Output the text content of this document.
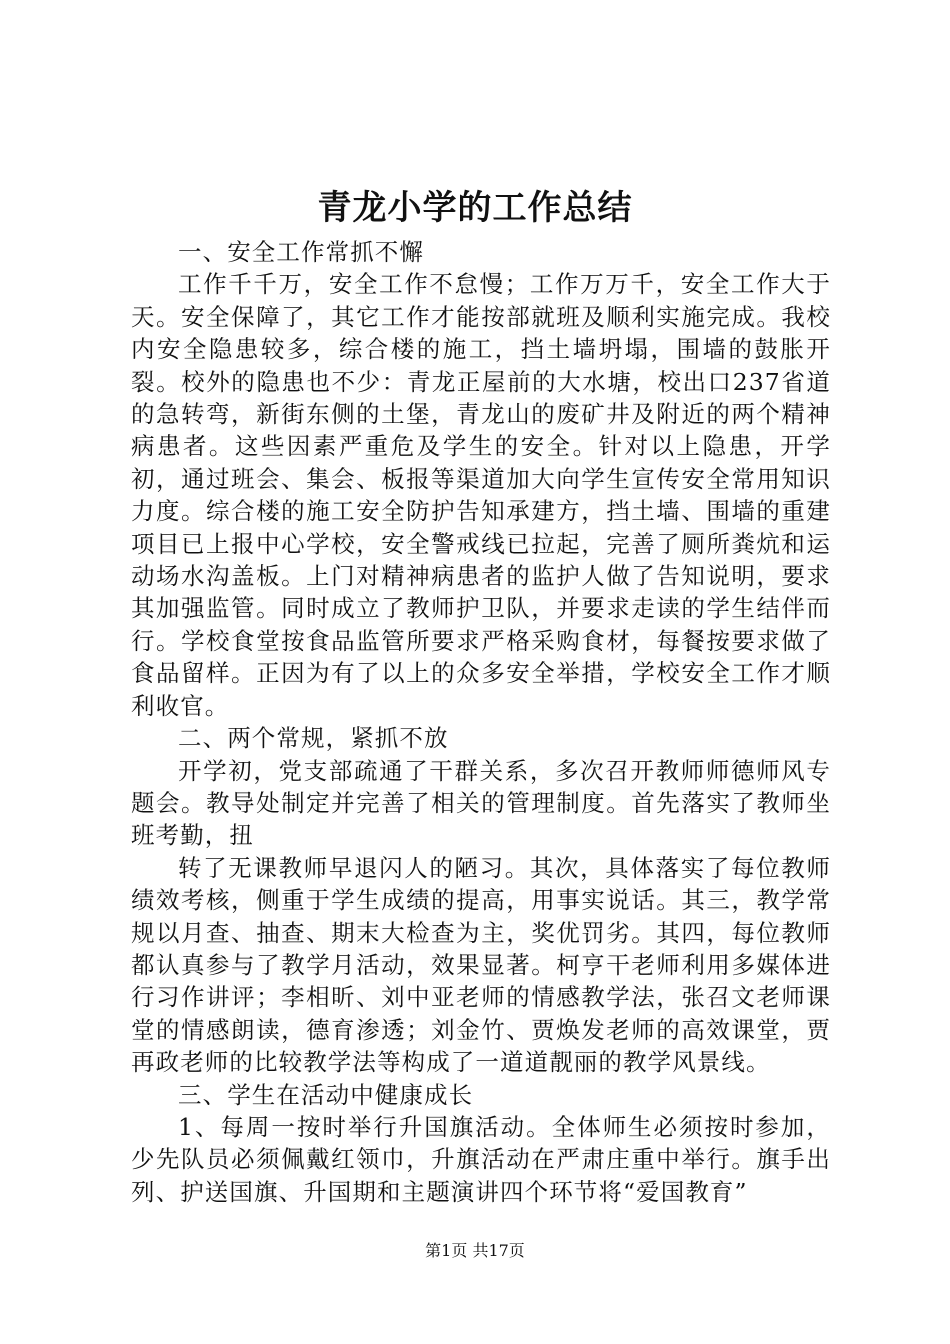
青龙小学的工作总结

一、安全工作常抓不懈

工作千千万，安全工作不怠慢；工作万万千，安全工作大于天。安全保障了，其它工作才能按部就班及顺利实施完成。我校内安全隐患较多，综合楼的施工，挡土墙坍塌，围墙的鼓胀开裂。校外的隐患也不少：青龙正屋前的大水塘，校出口237省道的急转弯，新街东侧的土堡，青龙山的废矿井及附近的两个精神病患者。这些因素严重危及学生的安全。针对以上隐患，开学初，通过班会、集会、板报等渠道加大向学生宣传安全常用知识力度。综合楼的施工安全防护告知承建方，挡土墙、围墙的重建项目已上报中心学校，安全警戒线已拉起，完善了厕所粪炕和运动场水沟盖板。上门对精神病患者的监护人做了告知说明，要求其加强监管。同时成立了教师护卫队，并要求走读的学生结伴而行。学校食堂按食品监管所要求严格采购食材，每餐按要求做了食品留样。正因为有了以上的众多安全举措，学校安全工作才顺利收官。

二、两个常规，紧抓不放

开学初，党支部疏通了干群关系，多次召开教师师德师风专题会。教导处制定并完善了相关的管理制度。首先落实了教师坐班考勤，扭

转了无课教师早退闪人的陋习。其次，具体落实了每位教师绩效考核，侧重于学生成绩的提高，用事实说话。其三，教学常规以月查、抽查、期末大检查为主，奖优罚劣。其四，每位教师都认真参与了教学月活动，效果显著。柯亨干老师利用多媒体进行习作讲评；李相昕、刘中亚老师的情感教学法，张召文老师课堂的情感朗读，德育渗透；刘金竹、贾焕发老师的高效课堂，贾再政老师的比较教学法等构成了一道道靓丽的教学风景线。

三、学生在活动中健康成长

1、每周一按时举行升国旗活动。全体师生必须按时参加，少先队员必须佩戴红领巾，升旗活动在严肃庄重中举行。旗手出列、护送国旗、升国期和主题演讲四个环节将“爱国教育”

第1页 共17页
